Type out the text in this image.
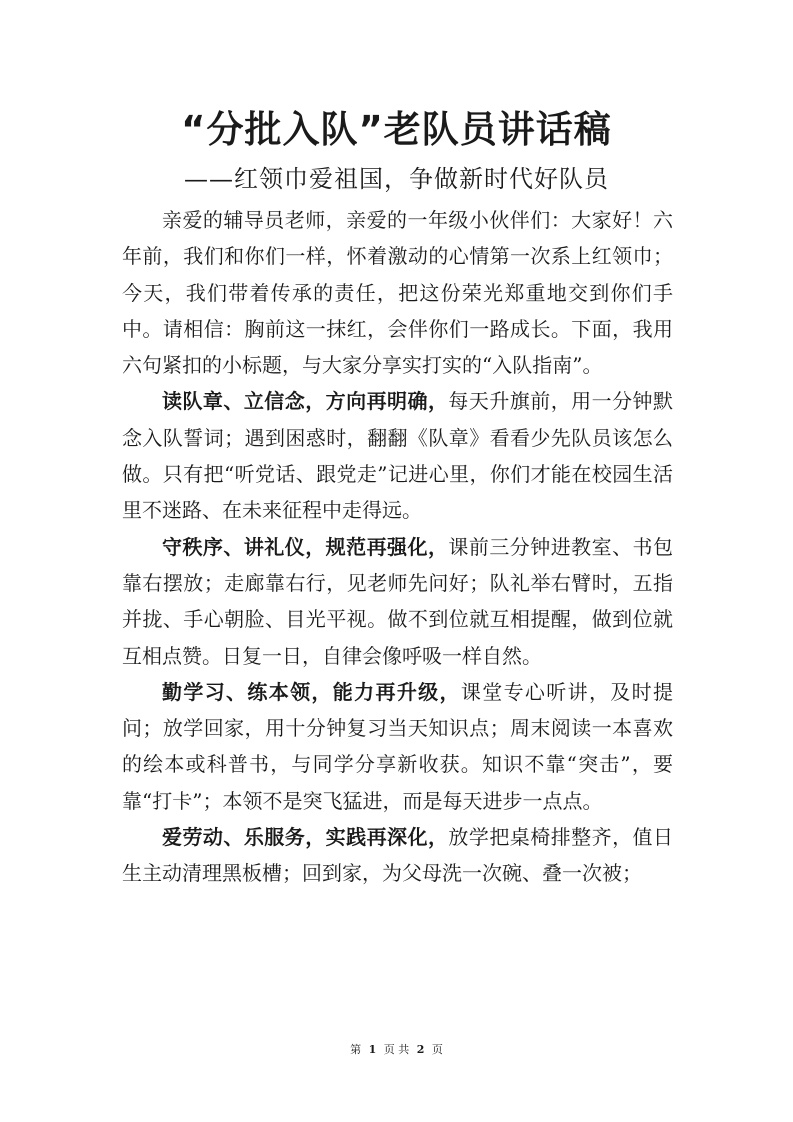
“分批入队”老队员讲话稿
——红领巾爱祖国，争做新时代好队员

亲爱的辅导员老师，亲爱的一年级小伙伴们：大家好！六年前，我们和你们一样，怀着激动的心情第一次系上红领巾；今天，我们带着传承的责任，把这份荣光郑重地交到你们手中。请相信：胸前这一抹红，会伴你们一路成长。下面，我用六句紧扣的小标题，与大家分享实打实的“入队指南”。

读队章、立信念，方向再明确，每天升旗前，用一分钟默念入队誓词；遇到困惑时，翻翻《队章》看看少先队员该怎么做。只有把“听党话、跟党走”记进心里，你们才能在校园生活里不迷路、在未来征程中走得远。

守秩序、讲礼仪，规范再强化，课前三分钟进教室、书包靠右摆放；走廊靠右行，见老师先问好；队礼举右臂时，五指并拢、手心朝脸、目光平视。做不到位就互相提醒，做到位就互相点赞。日复一日，自律会像呼吸一样自然。

勤学习、练本领，能力再升级，课堂专心听讲，及时提问；放学回家，用十分钟复习当天知识点；周末阅读一本喜欢的绘本或科普书，与同学分享新收获。知识不靠“突击”，要靠“打卡”；本领不是突飞猛进，而是每天进步一点点。

爱劳动、乐服务，实践再深化，放学把桌椅排整齐，值日生主动清理黑板槽；回到家，为父母洗一次碗、叠一次被；

第 1 页 共 2 页
